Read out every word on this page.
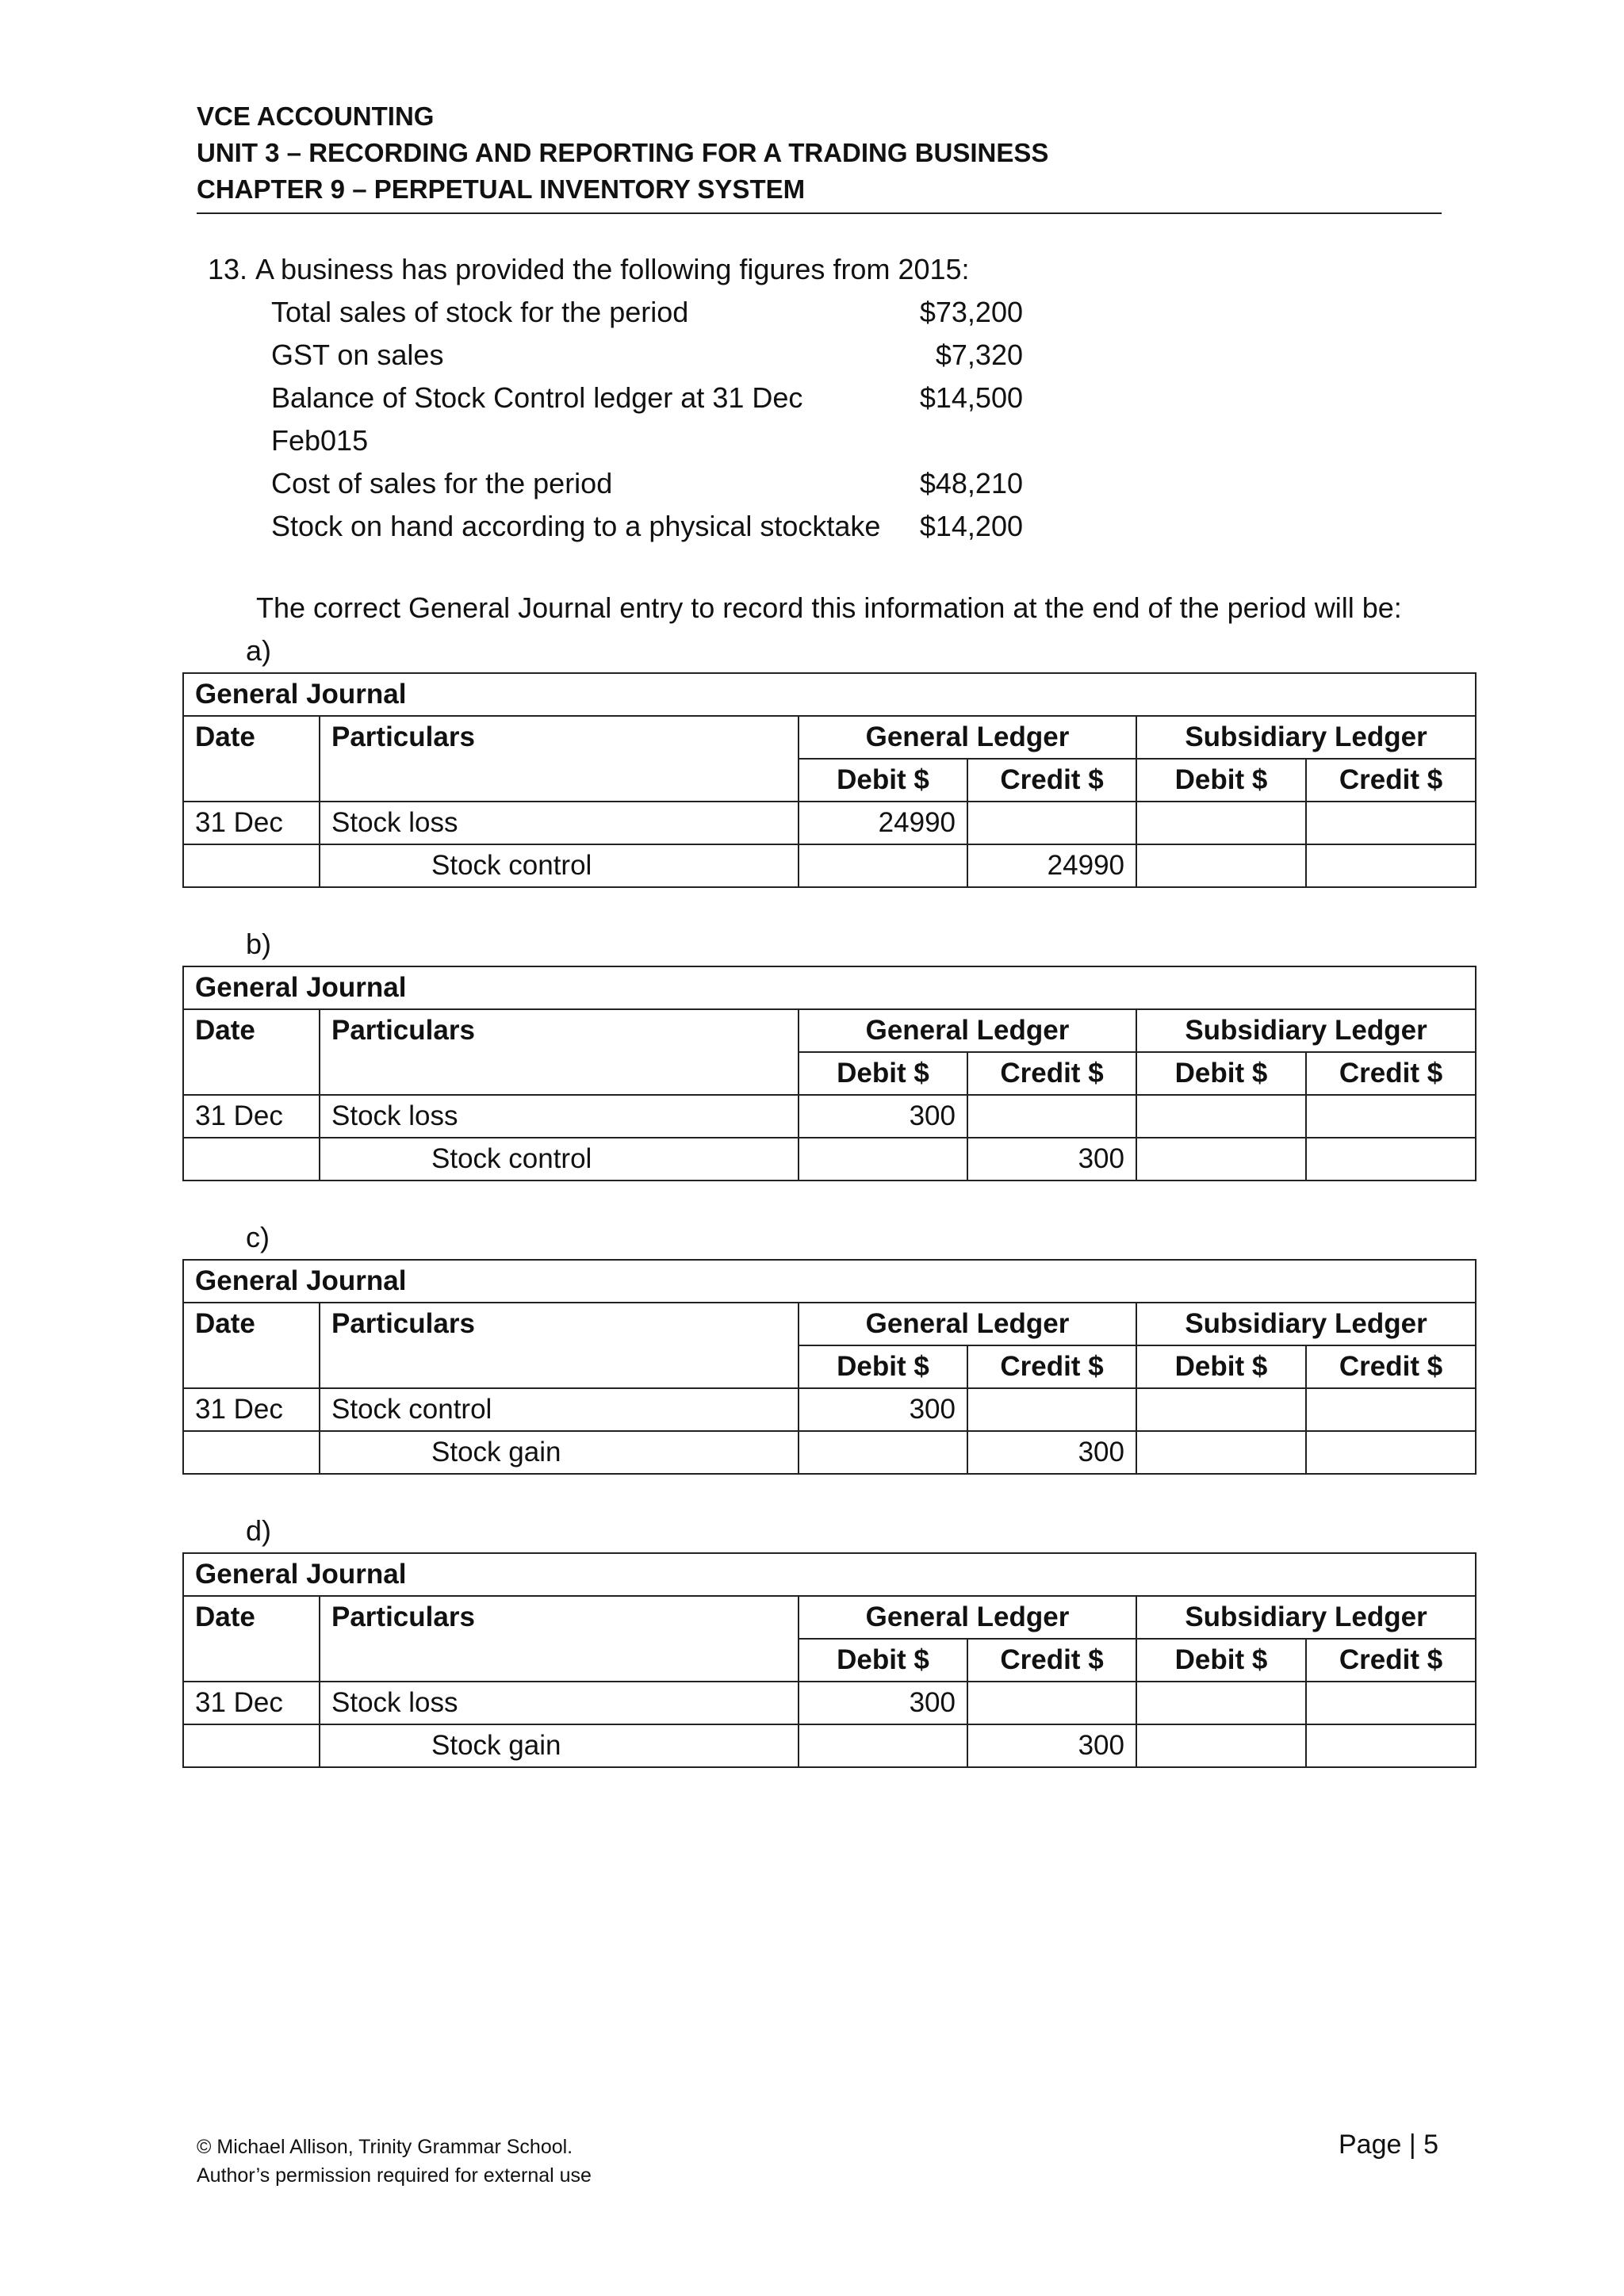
VCE ACCOUNTING
UNIT 3 – RECORDING AND REPORTING FOR A TRADING BUSINESS
CHAPTER 9 – PERPETUAL INVENTORY SYSTEM
13. A business has provided the following figures from 2015:
Total sales of stock for the period	$73,200
GST on sales	$7,320
Balance of Stock Control ledger at 31 Dec	$14,500
Feb015
Cost of sales for the period	$48,210
Stock on hand according to a physical stocktake	$14,200
The correct General Journal entry to record this information at the end of the period will be:
a)
General Journal					
Date	Particulars	General Ledger		Subsidiary Ledger	
		Debit $	Credit $	Debit $	Credit $
31 Dec	Stock loss	24990			
	Stock control		24990		
b)
General Journal					
Date	Particulars	General Ledger		Subsidiary Ledger	
		Debit $	Credit $	Debit $	Credit $
31 Dec	Stock loss	300			
	Stock control		300		
c)
General Journal					
Date	Particulars	General Ledger		Subsidiary Ledger	
		Debit $	Credit $	Debit $	Credit $
31 Dec	Stock control	300			
	Stock gain		300		
d)
General Journal					
Date	Particulars	General Ledger		Subsidiary Ledger	
		Debit $	Credit $	Debit $	Credit $
31 Dec	Stock loss	300			
	Stock gain		300		
© Michael Allison, Trinity Grammar School.
Author’s permission required for external use
Page | 5
